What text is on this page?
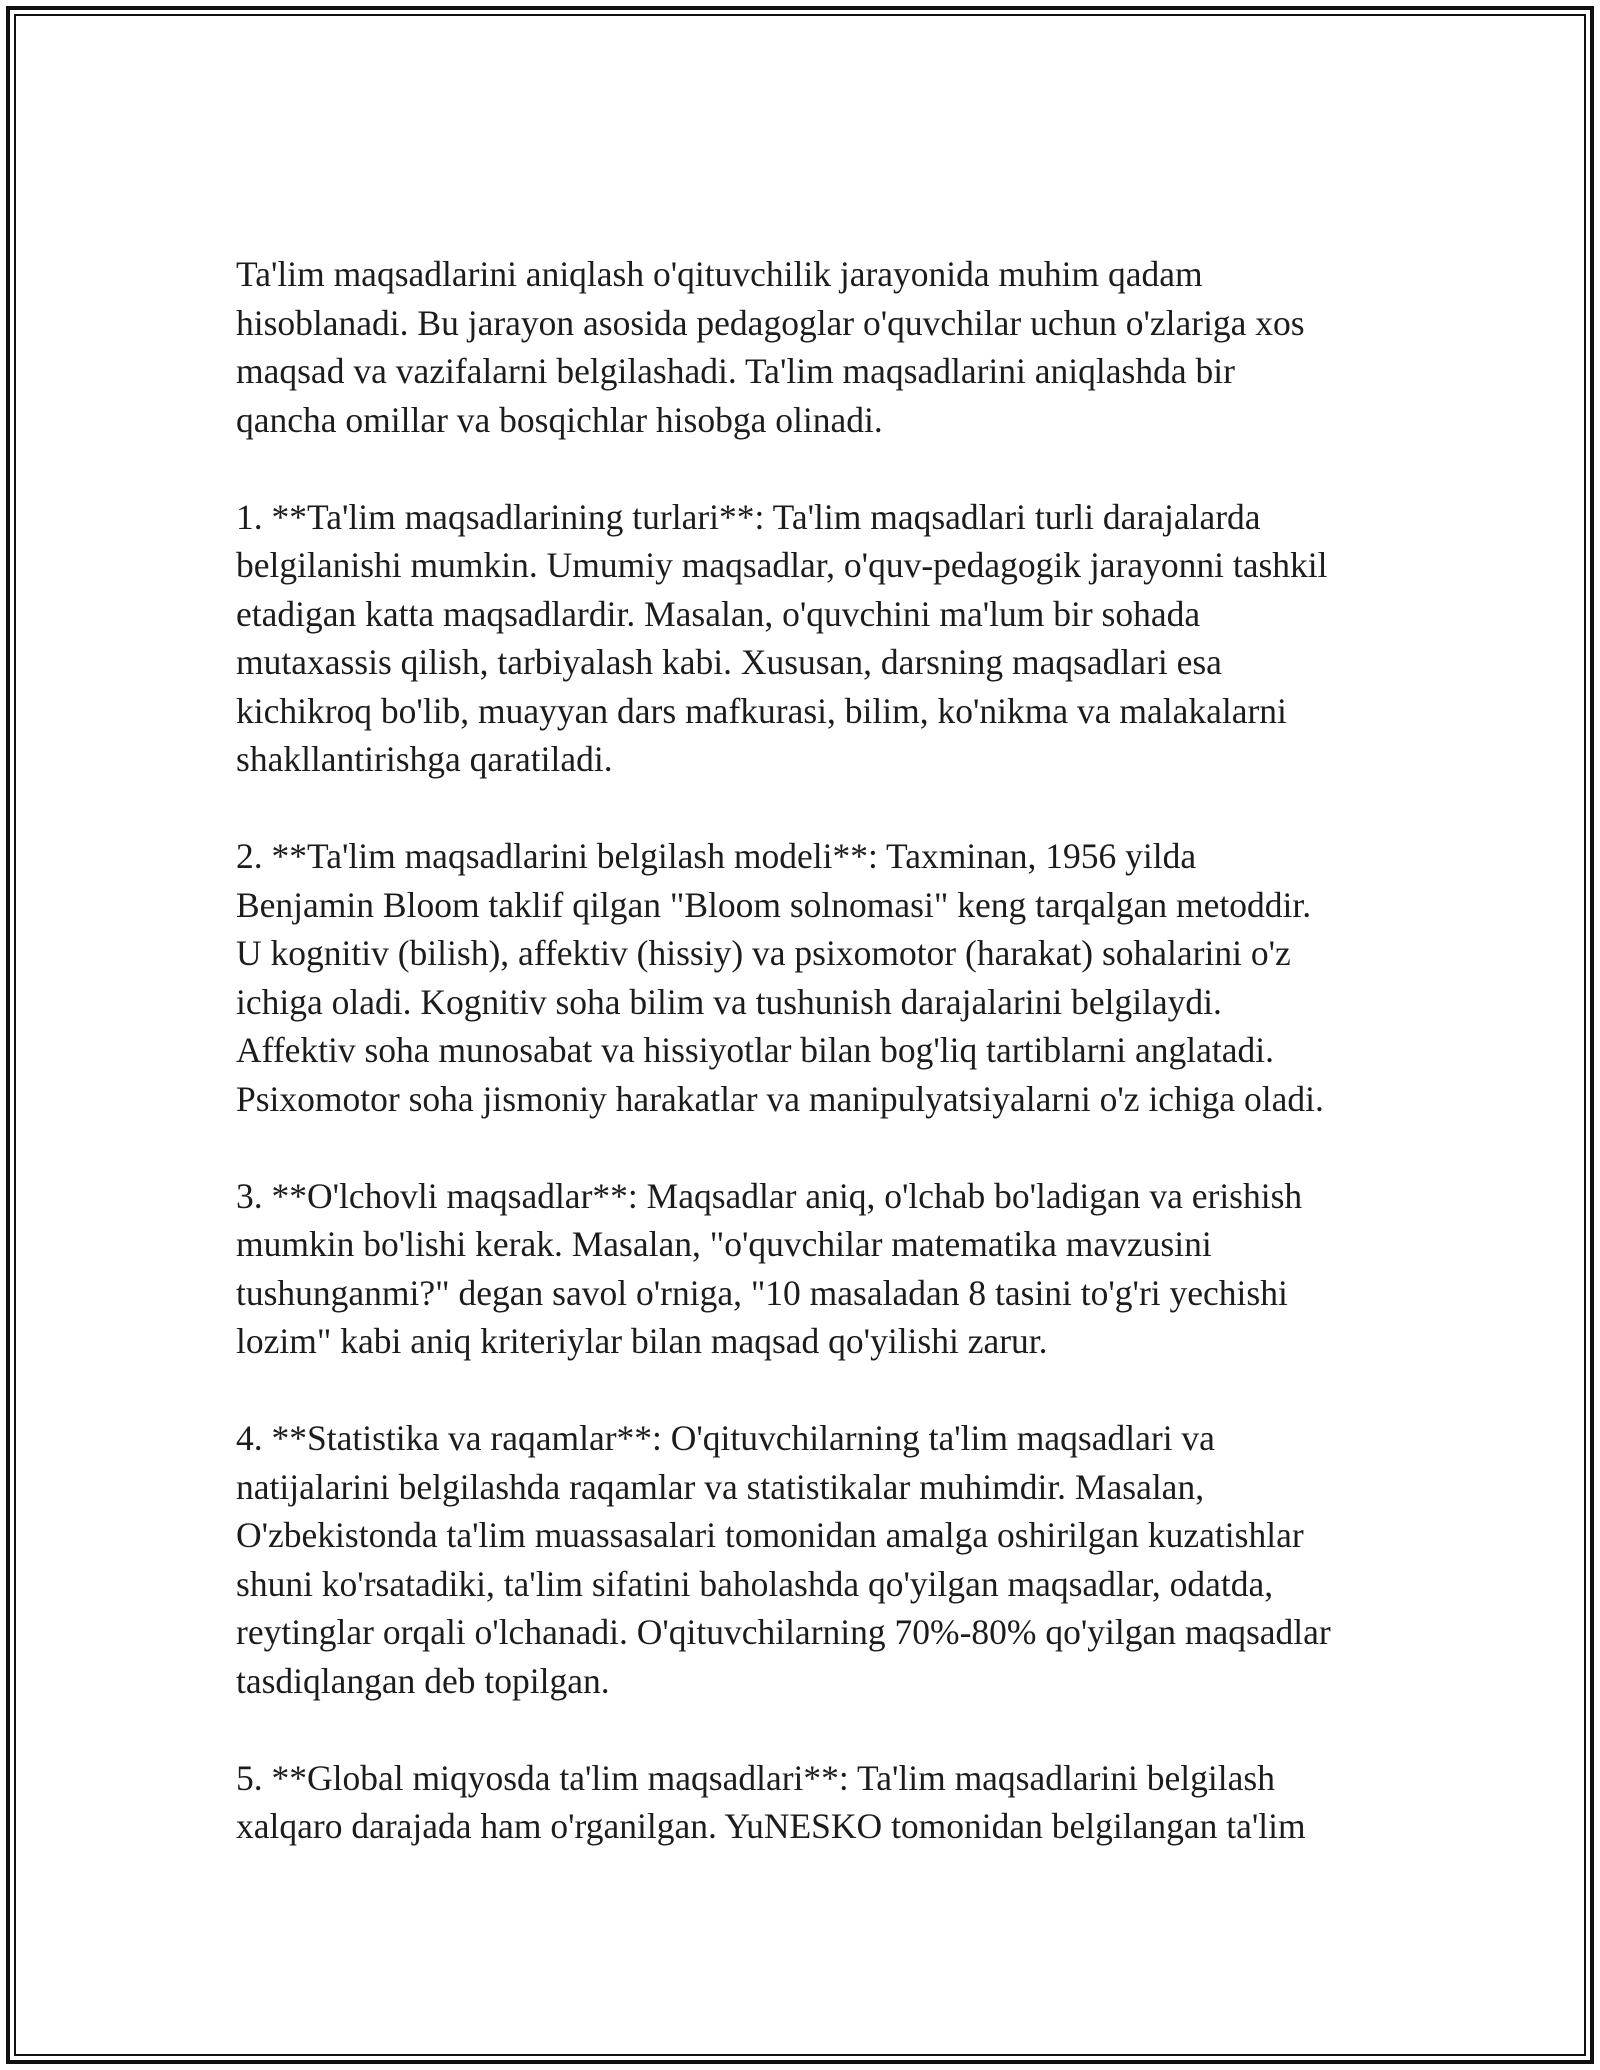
Ta'lim maqsadlarini aniqlash o'qituvchilik jarayonida muhim qadam
hisoblanadi. Bu jarayon asosida pedagoglar o'quvchilar uchun o'zlariga xos
maqsad va vazifalarni belgilashadi. Ta'lim maqsadlarini aniqlashda bir
qancha omillar va bosqichlar hisobga olinadi.

1. **Ta'lim maqsadlarining turlari**: Ta'lim maqsadlari turli darajalarda
belgilanishi mumkin. Umumiy maqsadlar, o'quv-pedagogik jarayonni tashkil
etadigan katta maqsadlardir. Masalan, o'quvchini ma'lum bir sohada
mutaxassis qilish, tarbiyalash kabi. Xususan, darsning maqsadlari esa
kichikroq bo'lib, muayyan dars mafkurasi, bilim, ko'nikma va malakalarni
shakllantirishga qaratiladi.

2. **Ta'lim maqsadlarini belgilash modeli**: Taxminan, 1956 yilda
Benjamin Bloom taklif qilgan "Bloom solnomasi" keng tarqalgan metoddir.
U kognitiv (bilish), affektiv (hissiy) va psixomotor (harakat) sohalarini o'z
ichiga oladi. Kognitiv soha bilim va tushunish darajalarini belgilaydi.
Affektiv soha munosabat va hissiyotlar bilan bog'liq tartiblarni anglatadi.
Psixomotor soha jismoniy harakatlar va manipulyatsiyalarni o'z ichiga oladi.

3. **O'lchovli maqsadlar**: Maqsadlar aniq, o'lchab bo'ladigan va erishish
mumkin bo'lishi kerak. Masalan, "o'quvchilar matematika mavzusini
tushunganmi?" degan savol o'rniga, "10 masaladan 8 tasini to'g'ri yechishi
lozim" kabi aniq kriteriylar bilan maqsad qo'yilishi zarur.

4. **Statistika va raqamlar**: O'qituvchilarning ta'lim maqsadlari va
natijalarini belgilashda raqamlar va statistikalar muhimdir. Masalan,
O'zbekistonda ta'lim muassasalari tomonidan amalga oshirilgan kuzatishlar
shuni ko'rsatadiki, ta'lim sifatini baholashda qo'yilgan maqsadlar, odatda,
reytinglar orqali o'lchanadi. O'qituvchilarning 70%-80% qo'yilgan maqsadlar
tasdiqlangan deb topilgan.

5. **Global miqyosda ta'lim maqsadlari**: Ta'lim maqsadlarini belgilash
xalqaro darajada ham o'rganilgan. YuNESKO tomonidan belgilangan ta'lim
